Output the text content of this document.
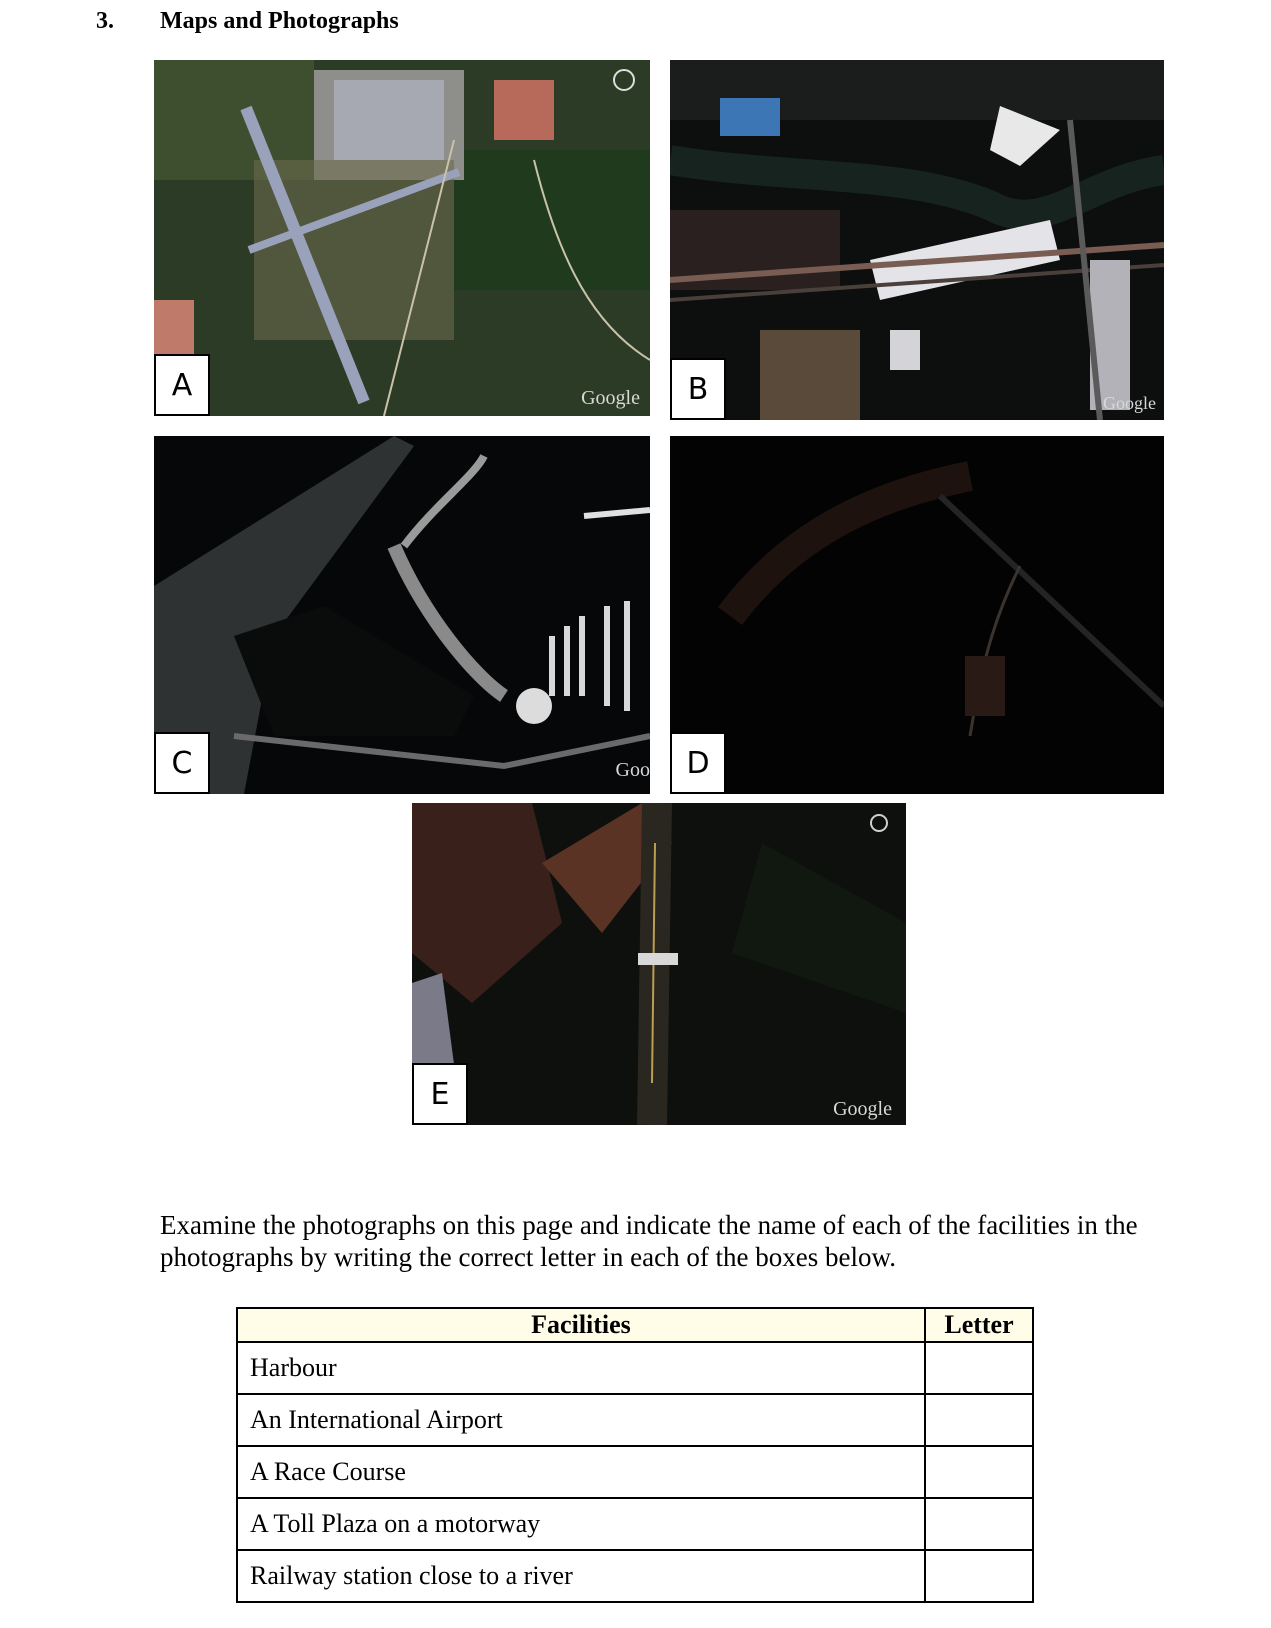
3. Maps and Photographs
A	Google	B	Google
C	Goo	D
E	Google
Examine the photographs on this page and indicate the name of each of the facilities in the photographs by writing the correct letter in each of the boxes below.
Facilities	Letter
Harbour	
An International Airport	
A Race Course	
A Toll Plaza on a motorway	
Railway station close to a river	
